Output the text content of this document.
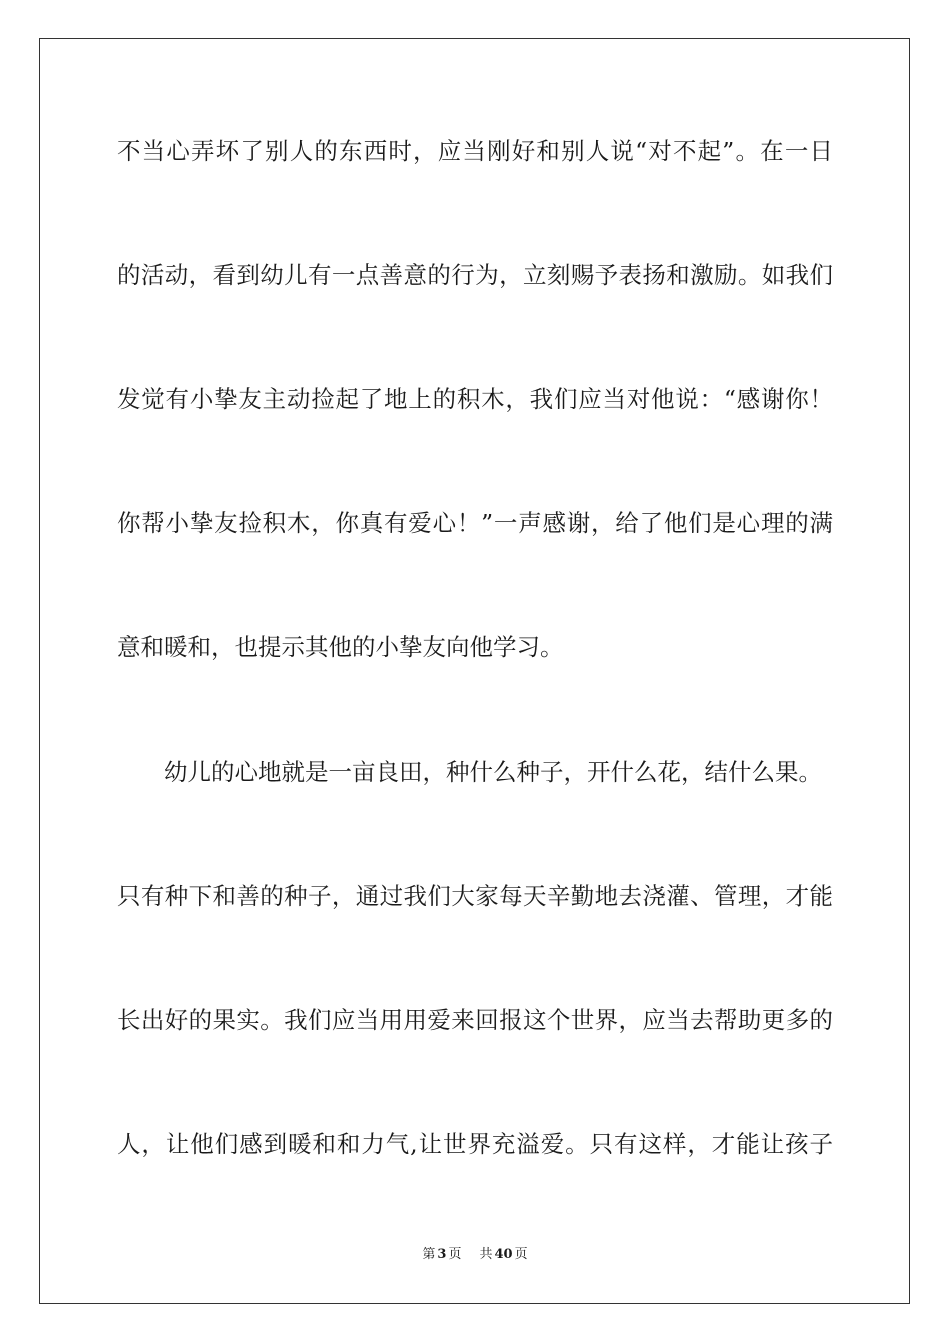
不当心弄坏了别人的东西时，应当刚好和别人说“对不起”。在一日
的活动，看到幼儿有一点善意的行为，立刻赐予表扬和激励。如我们
发觉有小挚友主动捡起了地上的积木，我们应当对他说：“感谢你！
你帮小挚友捡积木，你真有爱心！”一声感谢，给了他们是心理的满
意和暖和，也提示其他的小挚友向他学习。
幼儿的心地就是一亩良田，种什么种子，开什么花，结什么果。
只有种下和善的种子，通过我们大家每天辛勤地去浇灌、管理，才能
长出好的果实。我们应当用用爱来回报这个世界，应当去帮助更多的
人，让他们感到暖和和力气,让世界充溢爱。只有这样，才能让孩子
第 3 页 共 40 页
